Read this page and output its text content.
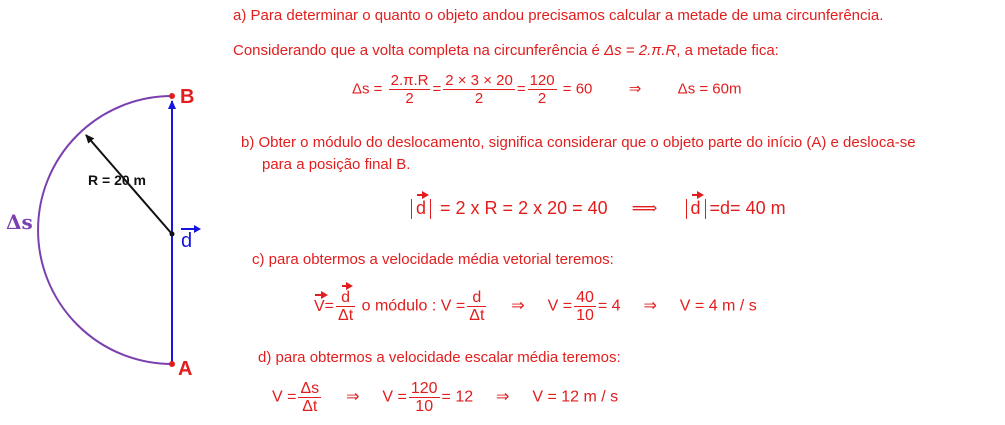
B
A
R = 20 m
Δs
d
a) Para determinar o quanto o objeto andou precisamos calcular a metade de uma circunferência.
Considerando que a volta completa na circunferência é Δs = 2.π.R, a metade fica:
$\Delta s = \frac{2.\pi.R}{2} = \frac{2 \times 3 \times 20}{2} = \frac{120}{2} = 60$ ⇒ Δs = 60m
b) Obter o módulo do deslocamento, significa considerar que o objeto parte do início (A) e desloca-se
para a posição final B.
d = 2 x R = 2 x 20 = 40 ⟹ d =d= 40 m
c) para obtermos a velocidade média vetorial teremos:
$V= \frac{d}{\Delta t}$ o módulo : $V = \frac{d}{\Delta t}$ ⇒ $V = \frac{40}{10} = 4$ ⇒ V = 4 m / s
d) para obtermos a velocidade escalar média teremos:
$V = \frac{\Delta s}{\Delta t}$ ⇒ $V = \frac{120}{10} = 12$ ⇒ V = 12 m / s
